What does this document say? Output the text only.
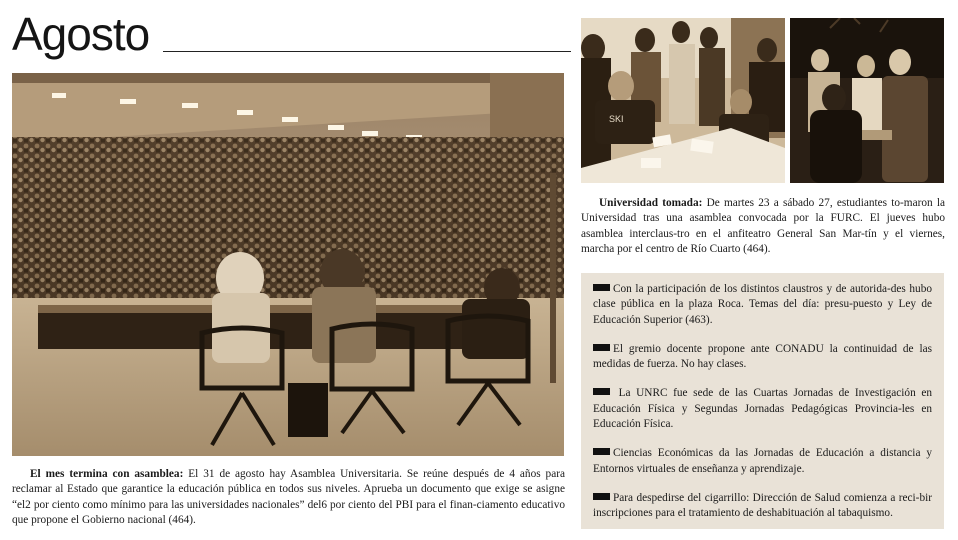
Agosto
SKI
Universidad tomada: De martes 23 a sábado 27, estudiantes to-maron la Universidad tras una asamblea convocada por la FURC. El jueves hubo asamblea interclaus-tro en el anfiteatro General San Mar-tín y el viernes, marcha por el centro de Río Cuarto (464).
El mes termina con asamblea: El 31 de agosto hay Asamblea Universitaria. Se reúne después de 4 años para reclamar al Estado que garantice la educación pública en todos sus niveles. Aprueba un documento que exige se asigne “el2 por ciento como mínimo para las universidades nacionales” del6 por ciento del PBI para el finan-ciamento educativo que propone el Gobierno nacional (464).
Con la participación de los distintos claustros y de autorida-des hubo clase pública en la plaza Roca. Temas del día: presu-puesto y Ley de Educación Superior (463).
El gremio docente propone ante CONADU la continuidad de las medidas de fuerza. No hay clases.
La UNRC fue sede de las Cuartas Jornadas de Investigación en Educación Física y Segundas Jornadas Pedagógicas Provincia-les en Educación Física.
Ciencias Económicas da las Jornadas de Educación a distancia y Entornos virtuales de enseñanza y aprendizaje.
Para despedirse del cigarrillo: Dirección de Salud comienza a reci-bir inscripciones para el tratamiento de deshabituación al tabaquismo.
